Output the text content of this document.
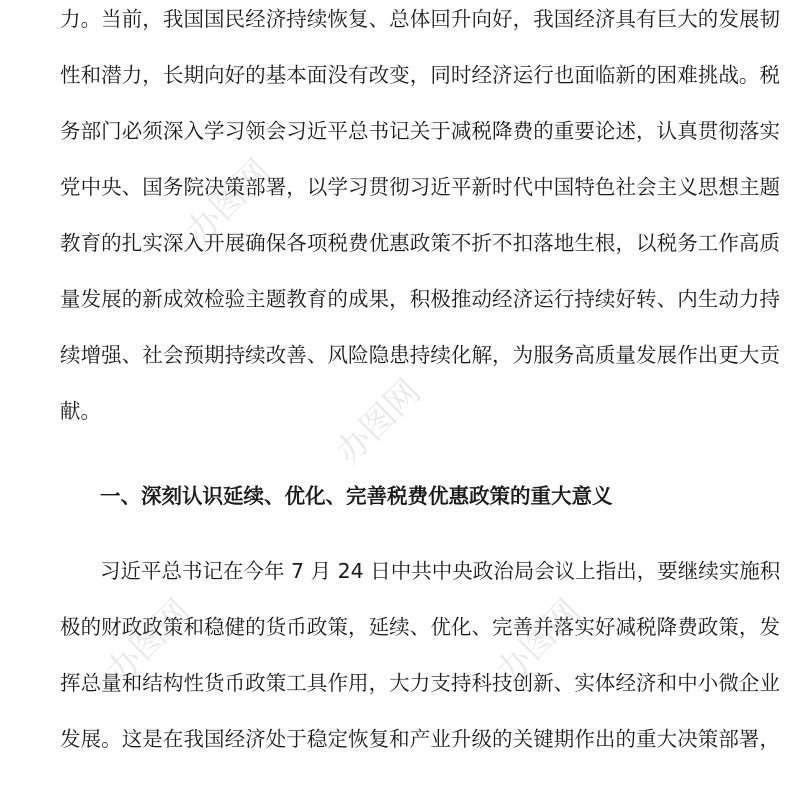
力。当前，我国国民经济持续恢复、总体回升向好，我国经济具有巨大的发展韧
性和潜力，长期向好的基本面没有改变，同时经济运行也面临新的困难挑战。税
务部门必须深入学习领会习近平总书记关于减税降费的重要论述，认真贯彻落实
党中央、国务院决策部署，以学习贯彻习近平新时代中国特色社会主义思想主题
教育的扎实深入开展确保各项税费优惠政策不折不扣落地生根，以税务工作高质
量发展的新成效检验主题教育的成果，积极推动经济运行持续好转、内生动力持
续增强、社会预期持续改善、风险隐患持续化解，为服务高质量发展作出更大贡
献。
一、深刻认识延续、优化、完善税费优惠政策的重大意义
习近平总书记在今年 7 月 24 日中共中央政治局会议上指出，要继续实施积
极的财政政策和稳健的货币政策，延续、优化、完善并落实好减税降费政策，发
挥总量和结构性货币政策工具作用，大力支持科技创新、实体经济和中小微企业
发展。这是在我国经济处于稳定恢复和产业升级的关键期作出的重大决策部署，
办图网
办图网
办图网	办图网
